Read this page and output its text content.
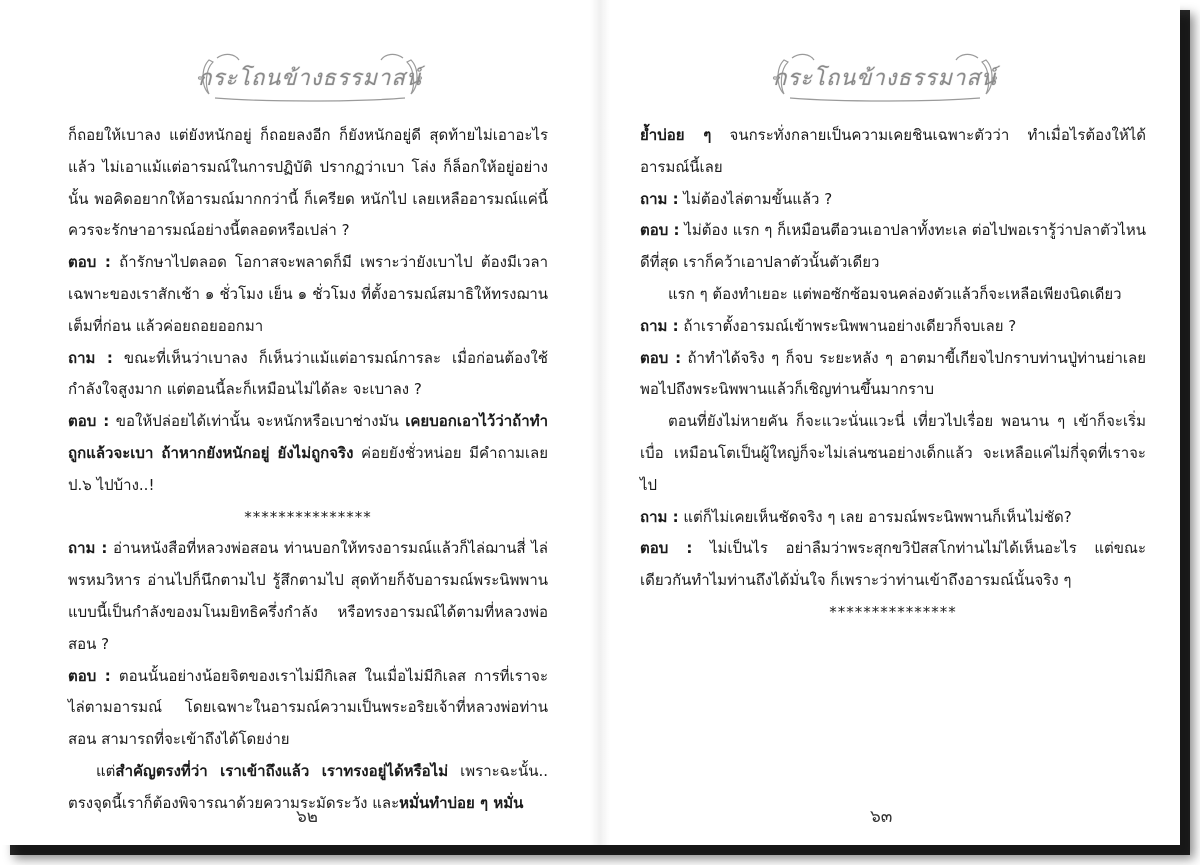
กระโถนข้างธรรมาสน์

ก็ถอยให้เบาลง แต่ยังหนักอยู่ ก็ถอยลงอีก ก็ยังหนักอยู่ดี สุดท้ายไม่เอาอะไรแล้ว ไม่เอาแม้แต่อารมณ์ในการปฏิบัติ ปรากฏว่าเบา โล่ง ก็ล็อกให้อยู่อย่างนั้น พอคิดอยากให้อารมณ์มากกว่านี้ ก็เครียด หนักไป เลยเหลืออารมณ์แค่นี้ ควรจะรักษาอารมณ์อย่างนี้ตลอดหรือเปล่า ?

ตอบ : ถ้ารักษาไปตลอด โอกาสจะพลาดก็มี เพราะว่ายังเบาไป ต้องมีเวลาเฉพาะของเราสักเช้า ๑ ชั่วโมง เย็น ๑ ชั่วโมง ที่ตั้งอารมณ์สมาธิให้ทรงฌานเต็มที่ก่อน แล้วค่อยถอยออกมา

ถาม : ขณะที่เห็นว่าเบาลง ก็เห็นว่าแม้แต่อารมณ์การละ เมื่อก่อนต้องใช้กำลังใจสูงมาก แต่ตอนนี้ละก็เหมือนไม่ได้ละ จะเบาลง ?

ตอบ : ขอให้ปล่อยได้เท่านั้น จะหนักหรือเบาช่างมัน เคยบอกเอาไว้ว่าถ้าทำถูกแล้วจะเบา ถ้าหากยังหนักอยู่ ยังไม่ถูกจริง ค่อยยังชั่วหน่อย มีคำถามเลย ป.๖ ไปบ้าง..!

***************

ถาม : อ่านหนังสือที่หลวงพ่อสอน ท่านบอกให้ทรงอารมณ์แล้วก็ไล่ฌานสี่ ไล่พรหมวิหาร อ่านไปก็นึกตามไป รู้สึกตามไป สุดท้ายก็จับอารมณ์พระนิพพาน แบบนี้เป็นกำลังของมโนมยิทธิครึ่งกำลัง หรือทรงอารมณ์ได้ตามที่หลวงพ่อสอน ?

ตอบ : ตอนนั้นอย่างน้อยจิตของเราไม่มีกิเลส ในเมื่อไม่มีกิเลส การที่เราจะไล่ตามอารมณ์ โดยเฉพาะในอารมณ์ความเป็นพระอริยเจ้าที่หลวงพ่อท่านสอน สามารถที่จะเข้าถึงได้โดยง่าย

แต่สำคัญตรงที่ว่า เราเข้าถึงแล้ว เราทรงอยู่ได้หรือไม่ เพราะฉะนั้น.. ตรงจุดนี้เราก็ต้องพิจารณาด้วยความระมัดระวัง และหมั่นทำบ่อย ๆ หมั่น

๖๒
กระโถนข้างธรรมาสน์

ย้ำบ่อย ๆ จนกระทั่งกลายเป็นความเคยชินเฉพาะตัวว่า ทำเมื่อไรต้องให้ได้อารมณ์นี้เลย

ถาม : ไม่ต้องไล่ตามขั้นแล้ว ?

ตอบ : ไม่ต้อง แรก ๆ ก็เหมือนตีอวนเอาปลาทั้งทะเล ต่อไปพอเรารู้ว่าปลาตัวไหนดีที่สุด เราก็คว้าเอาปลาตัวนั้นตัวเดียว

แรก ๆ ต้องทำเยอะ แต่พอซักซ้อมจนคล่องตัวแล้วก็จะเหลือเพียงนิดเดียว

ถาม : ถ้าเราตั้งอารมณ์เข้าพระนิพพานอย่างเดียวก็จบเลย ?

ตอบ : ถ้าทำได้จริง ๆ ก็จบ ระยะหลัง ๆ อาตมาขี้เกียจไปกราบท่านปู่ท่านย่าเลย พอไปถึงพระนิพพานแล้วก็เชิญท่านขึ้นมากราบ

ตอนที่ยังไม่หายคัน ก็จะแวะนั่นแวะนี่ เที่ยวไปเรื่อย พอนาน ๆ เข้าก็จะเริ่มเบื่อ เหมือนโตเป็นผู้ใหญ่ก็จะไม่เล่นซนอย่างเด็กแล้ว จะเหลือแค่ไม่กี่จุดที่เราจะไป

ถาม : แต่ก็ไม่เคยเห็นชัดจริง ๆ เลย อารมณ์พระนิพพานก็เห็นไม่ชัด?

ตอบ : ไม่เป็นไร อย่าลืมว่าพระสุกขวิปัสสโกท่านไม่ได้เห็นอะไร แต่ขณะเดียวกันทำไมท่านถึงได้มั่นใจ ก็เพราะว่าท่านเข้าถึงอารมณ์นั้นจริง ๆ

***************

๖๓
